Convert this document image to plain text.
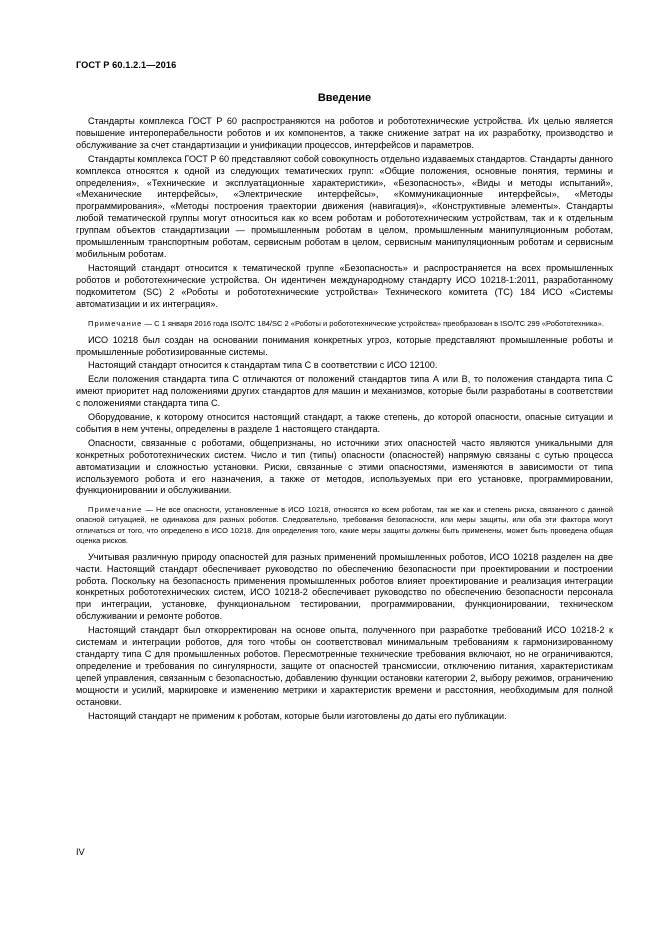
ГОСТ Р 60.1.2.1—2016
Введение

Стандарты комплекса ГОСТ Р 60 распространяются на роботов и робототехнические устройства. Их целью является повышение интероперабельности роботов и их компонентов, а также снижение затрат на их разработку, производство и обслуживание за счет стандартизации и унификации процессов, интерфейсов и параметров.

Стандарты комплекса ГОСТ Р 60 представляют собой совокупность отдельно издаваемых стандартов. Стандарты данного комплекса относятся к одной из следующих тематических групп: «Общие положения, основные понятия, термины и определения», «Технические и эксплуатационные характеристики», «Безопасность», «Виды и методы испытаний», «Механические интерфейсы», «Электрические интерфейсы», «Коммуникационные интерфейсы», «Методы программирования», «Методы построения траектории движения (навигация)», «Конструктивные элементы». Стандарты любой тематической группы могут относиться как ко всем роботам и робототехническим устройствам, так и к отдельным группам объектов стандартизации — промышленным роботам в целом, промышленным манипуляционным роботам, промышленным транспортным роботам, сервисным роботам в целом, сервисным манипуляционным роботам и сервисным мобильным роботам.

Настоящий стандарт относится к тематической группе «Безопасность» и распространяется на всех промышленных роботов и робототехнические устройства. Он идентичен международному стандарту ИСО 10218-1:2011, разработанному подкомитетом (SC) 2 «Роботы и робототехнические устройства» Технического комитета (ТС) 184 ИСО «Системы автоматизации и их интеграция».

Примечание — С 1 января 2016 года ISO/TC 184/SC 2 «Роботы и робототехнические устройства» преобразован в ISO/TC 299 «Робототехника».

ИСО 10218 был создан на основании понимания конкретных угроз, которые представляют промышленные роботы и промышленные роботизированные системы.

Настоящий стандарт относится к стандартам типа С в соответствии с ИСО 12100.

Если положения стандарта типа С отличаются от положений стандартов типа А или В, то положения стандарта типа С имеют приоритет над положениями других стандартов для машин и механизмов, которые были разработаны в соответствии с положениями стандарта типа С.

Оборудование, к которому относится настоящий стандарт, а также степень, до которой опасности, опасные ситуации и события в нем учтены, определены в разделе 1 настоящего стандарта.

Опасности, связанные с роботами, общепризнаны, но источники этих опасностей часто являются уникальными для конкретных робототехнических систем. Число и тип (типы) опасности (опасностей) напрямую связаны с сутью процесса автоматизации и сложностью установки. Риски, связанные с этими опасностями, изменяются в зависимости от типа используемого робота и его назначения, а также от методов, используемых при его установке, программировании, функционировании и обслуживании.

Примечание — Не все опасности, установленные в ИСО 10218, относятся ко всем роботам, так же как и степень риска, связанного с данной опасной ситуацией, не одинакова для разных роботов. Следовательно, требования безопасности, или меры защиты, или оба эти фактора могут отличаться от того, что определено в ИСО 10218. Для определения того, какие меры защиты должны быть применены, может быть проведена общая оценка рисков.

Учитывая различную природу опасностей для разных применений промышленных роботов, ИСО 10218 разделен на две части. Настоящий стандарт обеспечивает руководство по обеспечению безопасности при проектировании и построении робота. Поскольку на безопасность применения промышленных роботов влияет проектирование и реализация интеграции конкретных робототехнических систем, ИСО 10218-2 обеспечивает руководство по обеспечению безопасности персонала при интеграции, установке, функциональном тестировании, программировании, функционировании, техническом обслуживании и ремонте роботов.

Настоящий стандарт был откорректирован на основе опыта, полученного при разработке требований ИСО 10218-2 к системам и интеграции роботов, для того чтобы он соответствовал минимальным требованиям к гармонизированному стандарту типа С для промышленных роботов. Пересмотренные технические требования включают, но не ограничиваются, определение и требования по сингулярности, защите от опасностей трансмиссии, отключению питания, характеристикам цепей управления, связанным с безопасностью, добавлению функции остановки категории 2, выбору режимов, ограничению мощности и усилий, маркировке и изменению метрики и характеристик времени и расстояния, необходимым для полной остановки.

Настоящий стандарт не применим к роботам, которые были изготовлены до даты его публикации.

IV
